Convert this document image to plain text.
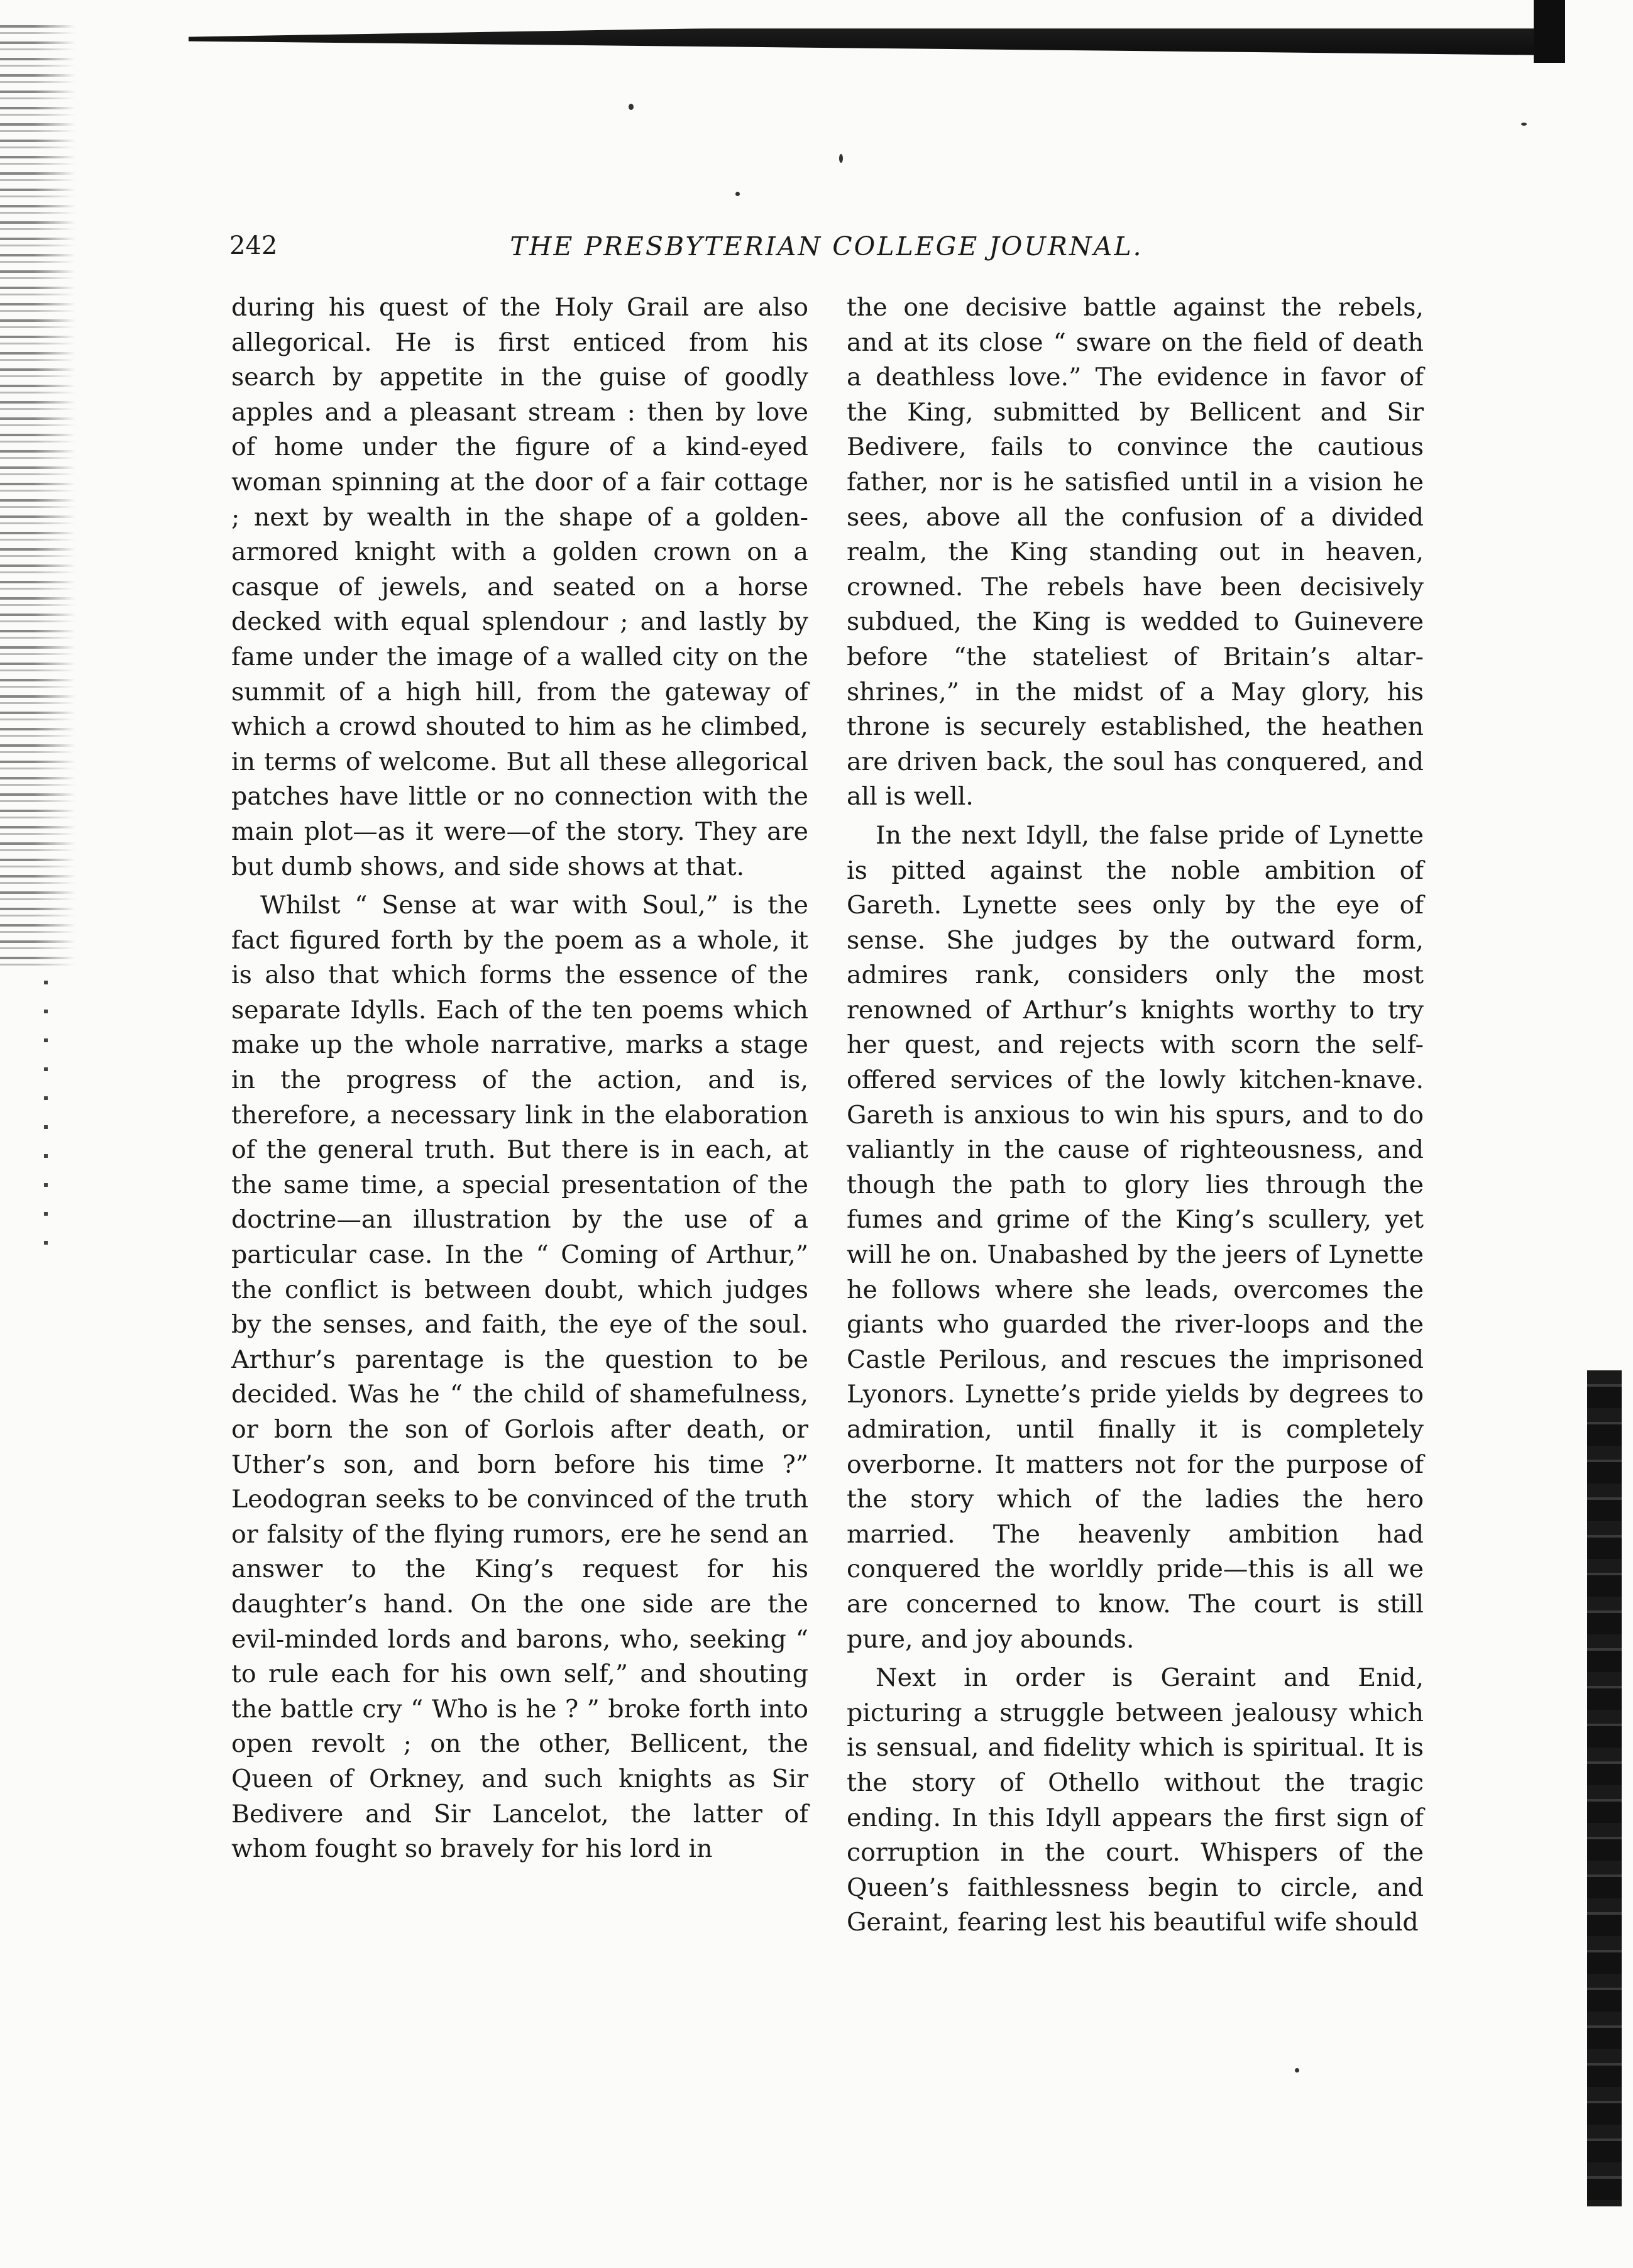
242	THE PRESBYTERIAN COLLEGE JOURNAL.

during his quest of the Holy Grail are also allegorical. He is first enticed from his search by appetite in the guise of goodly apples and a pleasant stream : then by love of home under the figure of a kind-eyed woman spinning at the door of a fair cottage ; next by wealth in the shape of a golden-armored knight with a golden crown on a casque of jewels, and seated on a horse decked with equal splendour ; and lastly by fame under the image of a walled city on the summit of a high hill, from the gateway of which a crowd shouted to him as he climbed, in terms of welcome. But all these allegorical patches have little or no connection with the main plot—as it were—of the story. They are but dumb shows, and side shows at that.

Whilst “ Sense at war with Soul,” is the fact figured forth by the poem as a whole, it is also that which forms the essence of the separate Idylls. Each of the ten poems which make up the whole narrative, marks a stage in the progress of the action, and is, therefore, a necessary link in the elaboration of the general truth. But there is in each, at the same time, a special presentation of the doctrine—an illustration by the use of a particular case. In the “ Coming of Arthur,” the conflict is between doubt, which judges by the senses, and faith, the eye of the soul. Arthur’s parentage is the question to be decided. Was he “ the child of shamefulness, or born the son of Gorlois after death, or Uther’s son, and born before his time ?” Leodogran seeks to be convinced of the truth or falsity of the flying rumors, ere he send an answer to the King’s request for his daughter’s hand. On the one side are the evil-minded lords and barons, who, seeking “ to rule each for his own self,” and shouting the battle cry “ Who is he ? ” broke forth into open revolt ; on the other, Bellicent, the Queen of Orkney, and such knights as Sir Bedivere and Sir Lancelot, the latter of whom fought so bravely for his lord in

the one decisive battle against the rebels, and at its close “ sware on the field of death a deathless love.” The evidence in favor of the King, submitted by Bellicent and Sir Bedivere, fails to convince the cautious father, nor is he satisfied until in a vision he sees, above all the confusion of a divided realm, the King standing out in heaven, crowned. The rebels have been decisively subdued, the King is wedded to Guinevere before “the stateliest of Britain’s altar-shrines,” in the midst of a May glory, his throne is securely established, the heathen are driven back, the soul has conquered, and all is well.

In the next Idyll, the false pride of Lynette is pitted against the noble ambition of Gareth. Lynette sees only by the eye of sense. She judges by the outward form, admires rank, considers only the most renowned of Arthur’s knights worthy to try her quest, and rejects with scorn the self-offered services of the lowly kitchen-knave. Gareth is anxious to win his spurs, and to do valiantly in the cause of righteousness, and though the path to glory lies through the fumes and grime of the King’s scullery, yet will he on. Unabashed by the jeers of Lynette he follows where she leads, overcomes the giants who guarded the river-loops and the Castle Perilous, and rescues the imprisoned Lyonors. Lynette’s pride yields by degrees to admiration, until finally it is completely overborne. It matters not for the purpose of the story which of the ladies the hero married. The heavenly ambition had conquered the worldly pride—this is all we are concerned to know. The court is still pure, and joy abounds.

Next in order is Geraint and Enid, picturing a struggle between jealousy which is sensual, and fidelity which is spiritual. It is the story of Othello without the tragic ending. In this Idyll appears the first sign of corruption in the court. Whispers of the Queen’s faithlessness begin to circle, and Geraint, fearing lest his beautiful wife should
